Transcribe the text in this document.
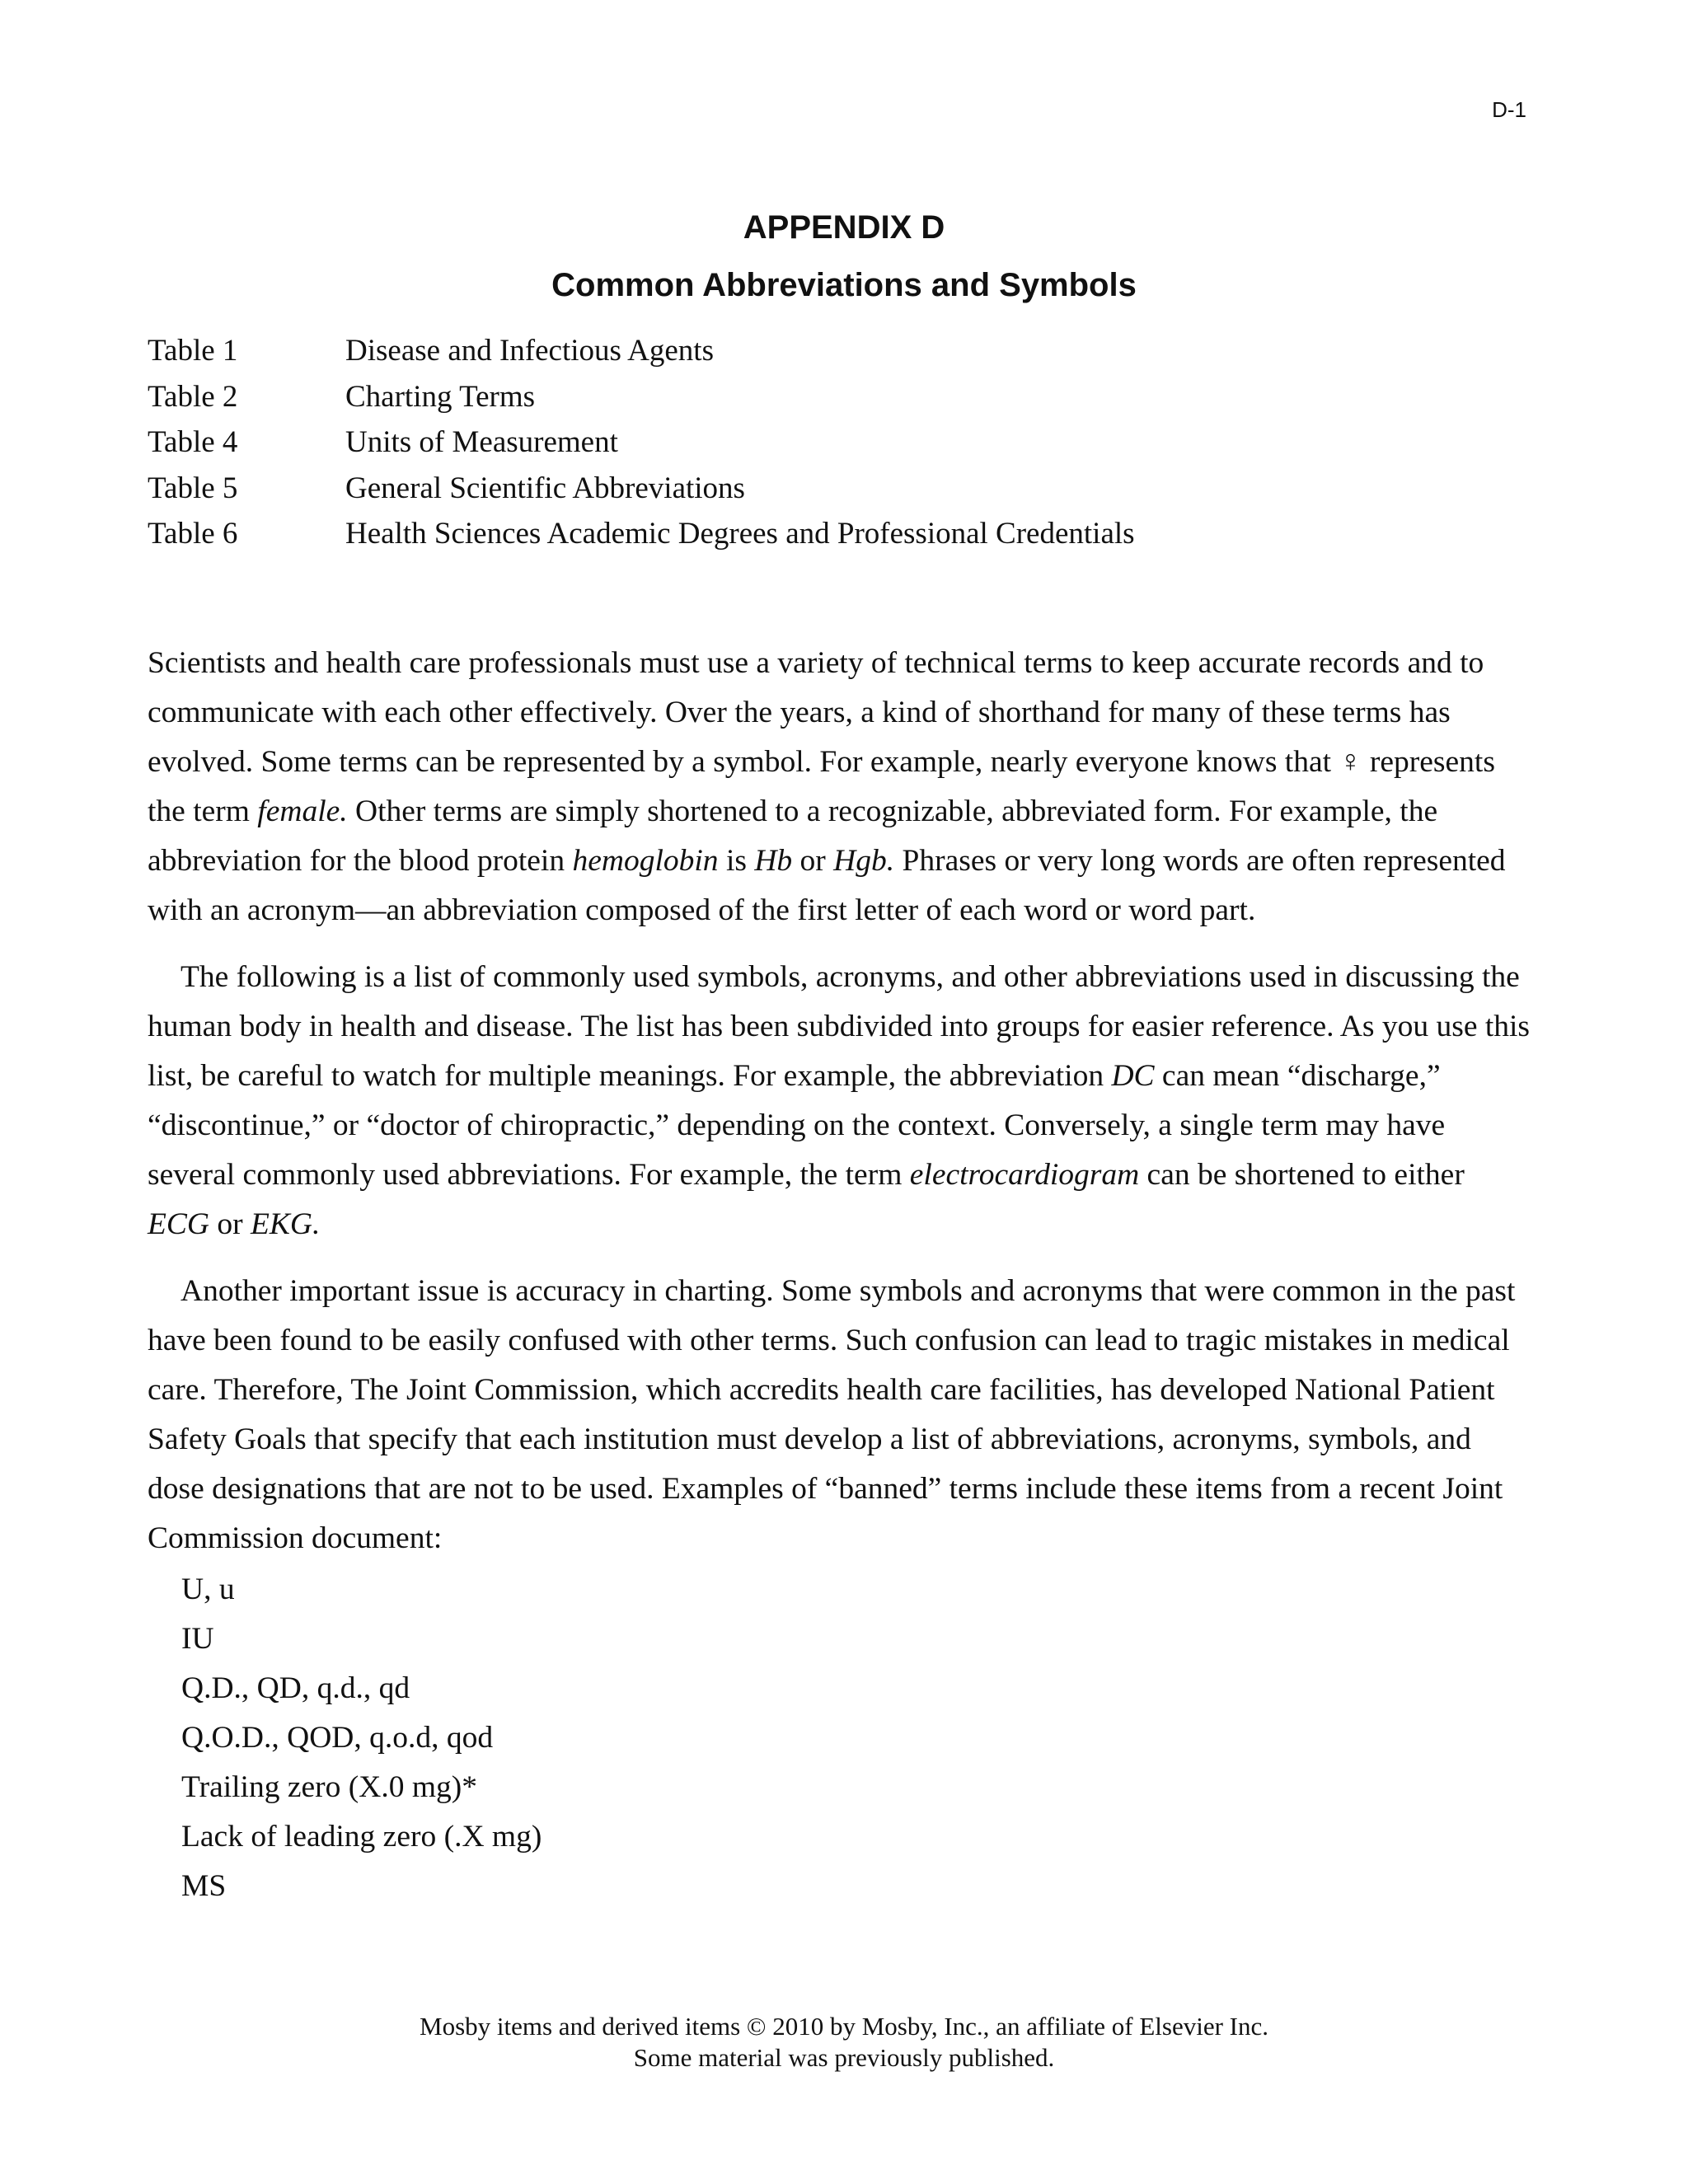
D-1
APPENDIX D
Common Abbreviations and Symbols
Table 1	Disease and Infectious Agents
Table 2	Charting Terms
Table 4	Units of Measurement
Table 5	General Scientific Abbreviations
Table 6	Health Sciences Academic Degrees and Professional Credentials

Scientists and health care professionals must use a variety of technical terms to keep accurate records and to communicate with each other effectively. Over the years, a kind of shorthand for many of these terms has evolved. Some terms can be represented by a symbol. For example, nearly everyone knows that ♀ represents the term female. Other terms are simply shortened to a recognizable, abbreviated form. For example, the abbreviation for the blood protein hemoglobin is Hb or Hgb. Phrases or very long words are often represented with an acronym—an abbreviation composed of the first letter of each word or word part.

The following is a list of commonly used symbols, acronyms, and other abbreviations used in discussing the human body in health and disease. The list has been subdivided into groups for easier reference. As you use this list, be careful to watch for multiple meanings. For example, the abbreviation DC can mean “discharge,” “discontinue,” or “doctor of chiropractic,” depending on the context. Conversely, a single term may have several commonly used abbreviations. For example, the term electrocardiogram can be shortened to either ECG or EKG.

Another important issue is accuracy in charting. Some symbols and acronyms that were common in the past have been found to be easily confused with other terms. Such confusion can lead to tragic mistakes in medical care. Therefore, The Joint Commission, which accredits health care facilities, has developed National Patient Safety Goals that specify that each institution must develop a list of abbreviations, acronyms, symbols, and dose designations that are not to be used. Examples of “banned” terms include these items from a recent Joint Commission document:

U, u
IU
Q.D., QD, q.d., qd
Q.O.D., QOD, q.o.d, qod
Trailing zero (X.0 mg)*
Lack of leading zero (.X mg)
MS
Mosby items and derived items © 2010 by Mosby, Inc., an affiliate of Elsevier Inc.
Some material was previously published.
